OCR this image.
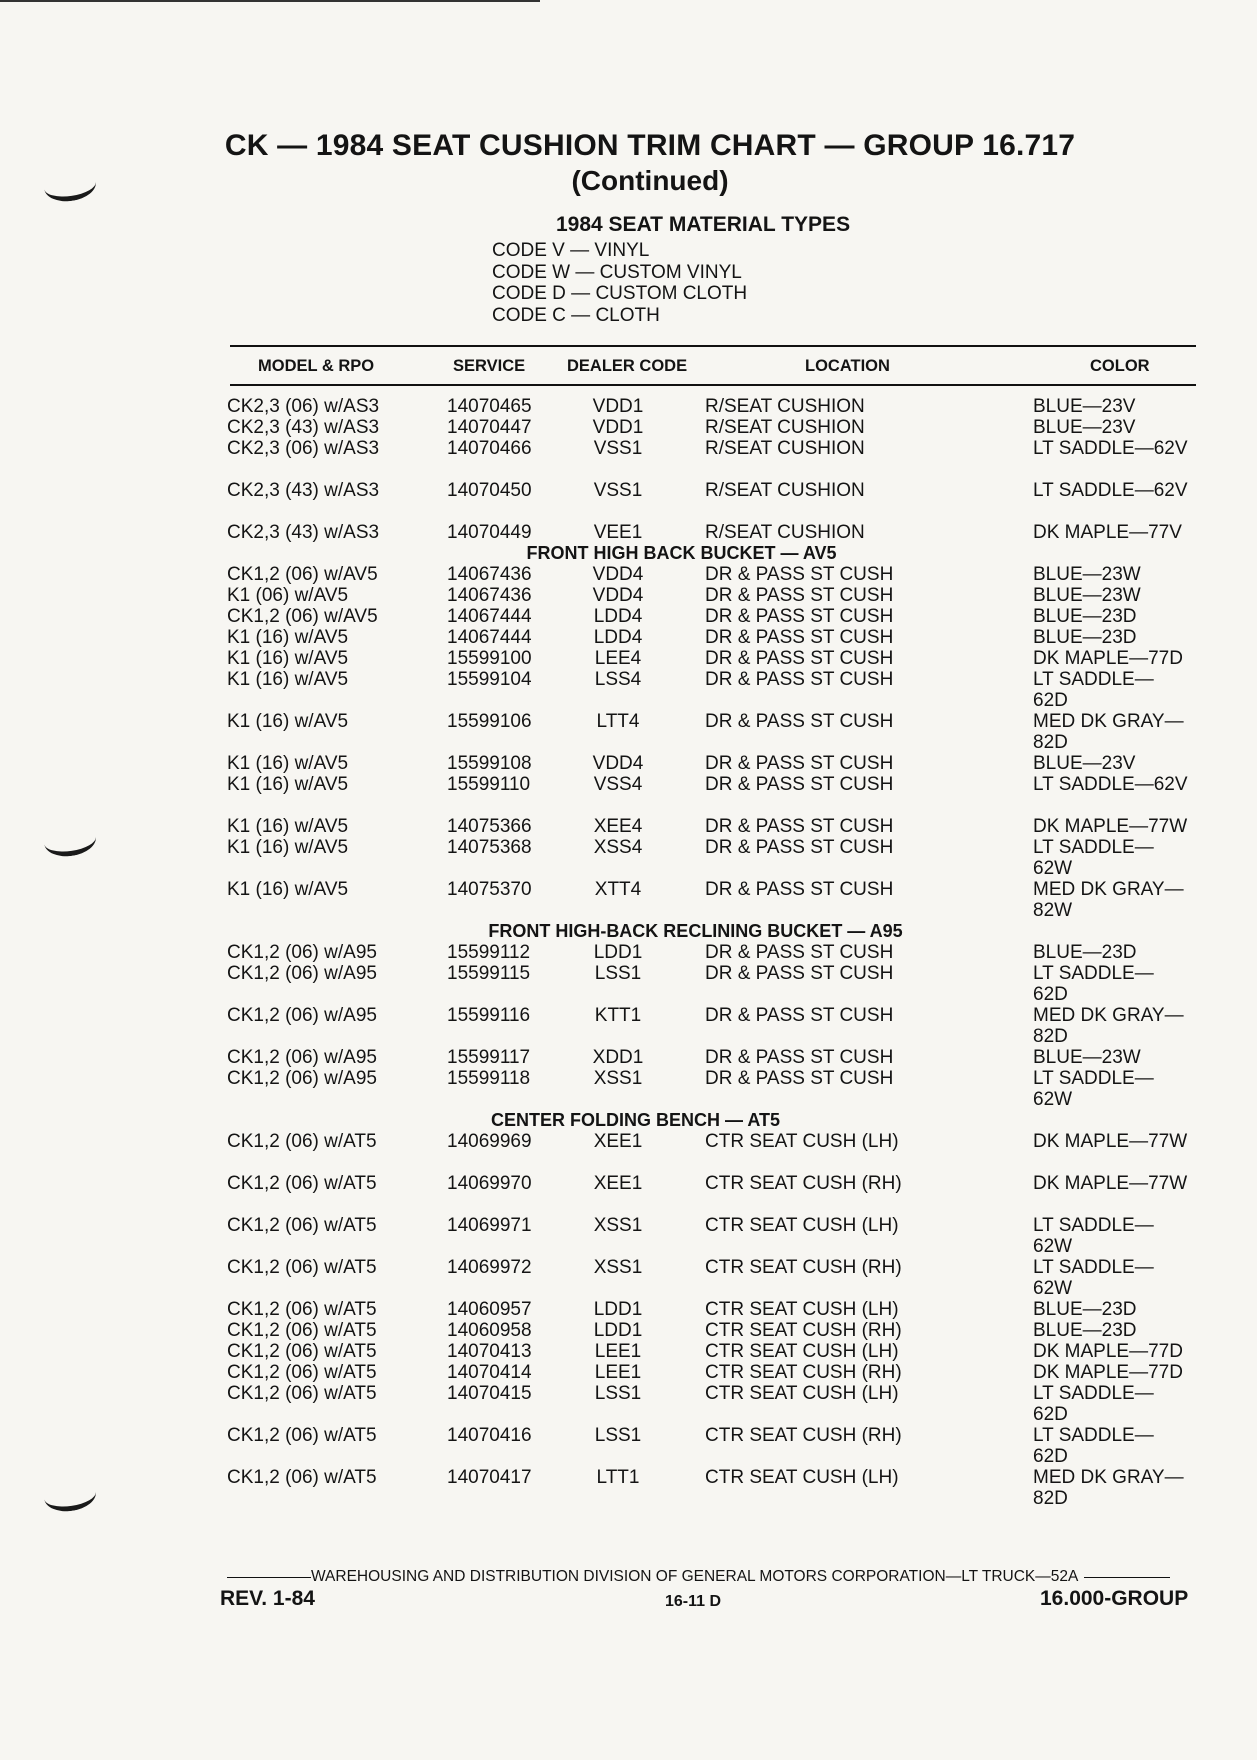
CK — 1984 SEAT CUSHION TRIM CHART — GROUP 16.717
(Continued)
1984 SEAT MATERIAL TYPES
CODE V — VINYL
CODE W — CUSTOM VINYL
CODE D — CUSTOM CLOTH
CODE C — CLOTH
MODEL & RPO	SERVICE	DEALER CODE	LOCATION	COLOR
CK2,3 (06) w/AS3	14070465	VDD1	R/SEAT CUSHION	BLUE—23V
CK2,3 (43) w/AS3	14070447	VDD1	R/SEAT CUSHION	BLUE—23V
CK2,3 (06) w/AS3	14070466	VSS1	R/SEAT CUSHION	LT SADDLE—62V
CK2,3 (43) w/AS3	14070450	VSS1	R/SEAT CUSHION	LT SADDLE—62V
CK2,3 (43) w/AS3	14070449	VEE1	R/SEAT CUSHION	DK MAPLE—77V
FRONT HIGH BACK BUCKET — AV5
CK1,2 (06) w/AV5	14067436	VDD4	DR & PASS ST CUSH	BLUE—23W
K1 (06) w/AV5	14067436	VDD4	DR & PASS ST CUSH	BLUE—23W
CK1,2 (06) w/AV5	14067444	LDD4	DR & PASS ST CUSH	BLUE—23D
K1 (16) w/AV5	14067444	LDD4	DR & PASS ST CUSH	BLUE—23D
K1 (16) w/AV5	15599100	LEE4	DR & PASS ST CUSH	DK MAPLE—77D
K1 (16) w/AV5	15599104	LSS4	DR & PASS ST CUSH	LT SADDLE—62D
K1 (16) w/AV5	15599106	LTT4	DR & PASS ST CUSH	MED DK GRAY—82D
K1 (16) w/AV5	15599108	VDD4	DR & PASS ST CUSH	BLUE—23V
K1 (16) w/AV5	15599110	VSS4	DR & PASS ST CUSH	LT SADDLE—62V
K1 (16) w/AV5	14075366	XEE4	DR & PASS ST CUSH	DK MAPLE—77W
K1 (16) w/AV5	14075368	XSS4	DR & PASS ST CUSH	LT SADDLE—62W
K1 (16) w/AV5	14075370	XTT4	DR & PASS ST CUSH	MED DK GRAY—82W
FRONT HIGH-BACK RECLINING BUCKET — A95
CK1,2 (06) w/A95	15599112	LDD1	DR & PASS ST CUSH	BLUE—23D
CK1,2 (06) w/A95	15599115	LSS1	DR & PASS ST CUSH	LT SADDLE—62D
CK1,2 (06) w/A95	15599116	KTT1	DR & PASS ST CUSH	MED DK GRAY—82D
CK1,2 (06) w/A95	15599117	XDD1	DR & PASS ST CUSH	BLUE—23W
CK1,2 (06) w/A95	15599118	XSS1	DR & PASS ST CUSH	LT SADDLE—62W
CENTER FOLDING BENCH — AT5
CK1,2 (06) w/AT5	14069969	XEE1	CTR SEAT CUSH (LH)	DK MAPLE—77W
CK1,2 (06) w/AT5	14069970	XEE1	CTR SEAT CUSH (RH)	DK MAPLE—77W
CK1,2 (06) w/AT5	14069971	XSS1	CTR SEAT CUSH (LH)	LT SADDLE—62W
CK1,2 (06) w/AT5	14069972	XSS1	CTR SEAT CUSH (RH)	LT SADDLE—62W
CK1,2 (06) w/AT5	14060957	LDD1	CTR SEAT CUSH (LH)	BLUE—23D
CK1,2 (06) w/AT5	14060958	LDD1	CTR SEAT CUSH (RH)	BLUE—23D
CK1,2 (06) w/AT5	14070413	LEE1	CTR SEAT CUSH (LH)	DK MAPLE—77D
CK1,2 (06) w/AT5	14070414	LEE1	CTR SEAT CUSH (RH)	DK MAPLE—77D
CK1,2 (06) w/AT5	14070415	LSS1	CTR SEAT CUSH (LH)	LT SADDLE—62D
CK1,2 (06) w/AT5	14070416	LSS1	CTR SEAT CUSH (RH)	LT SADDLE—62D
CK1,2 (06) w/AT5	14070417	LTT1	CTR SEAT CUSH (LH)	MED DK GRAY—82D
WAREHOUSING AND DISTRIBUTION DIVISION OF GENERAL MOTORS CORPORATION—LT TRUCK—52A
REV. 1-84	16-11 D	16.000-GROUP
